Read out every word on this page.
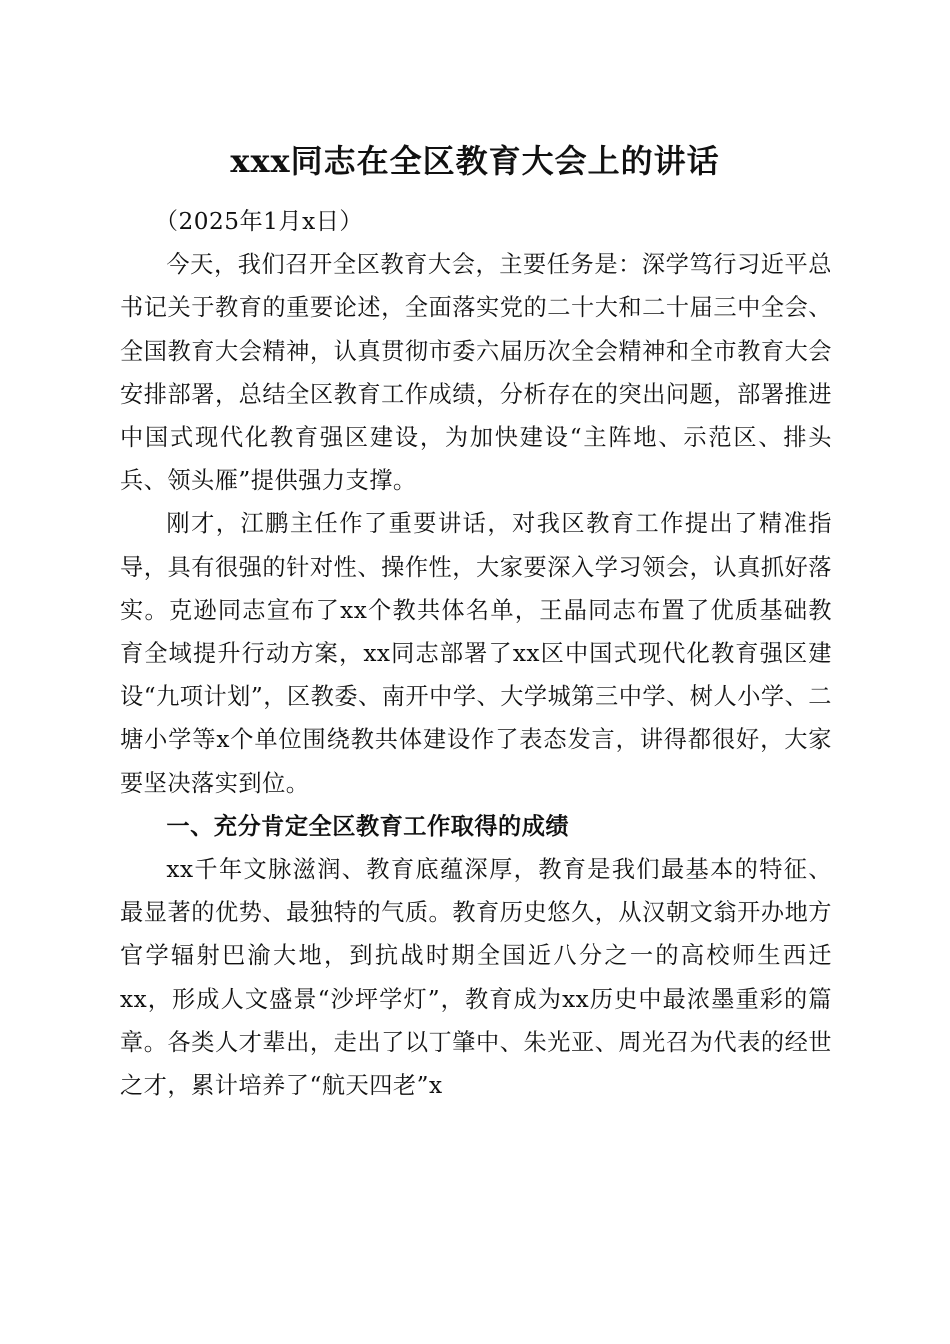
xxx同志在全区教育大会上的讲话

（2025年1月x日）

今天，我们召开全区教育大会，主要任务是：深学笃行习近平总书记关于教育的重要论述，全面落实党的二十大和二十届三中全会、全国教育大会精神，认真贯彻市委六届历次全会精神和全市教育大会安排部署，总结全区教育工作成绩，分析存在的突出问题，部署推进中国式现代化教育强区建设，为加快建设“主阵地、示范区、排头兵、领头雁”提供强力支撑。

刚才，江鹏主任作了重要讲话，对我区教育工作提出了精准指导，具有很强的针对性、操作性，大家要深入学习领会，认真抓好落实。克逊同志宣布了xx个教共体名单，王晶同志布置了优质基础教育全域提升行动方案，xx同志部署了xx区中国式现代化教育强区建设“九项计划”，区教委、南开中学、大学城第三中学、树人小学、二塘小学等x个单位围绕教共体建设作了表态发言，讲得都很好，大家要坚决落实到位。

一、充分肯定全区教育工作取得的成绩

xx千年文脉滋润、教育底蕴深厚，教育是我们最基本的特征、最显著的优势、最独特的气质。教育历史悠久，从汉朝文翁开办地方官学辐射巴渝大地，到抗战时期全国近八分之一的高校师生西迁xx，形成人文盛景“沙坪学灯”，教育成为xx历史中最浓墨重彩的篇章。各类人才辈出，走出了以丁肇中、朱光亚、周光召为代表的经世之才，累计培养了“航天四老”x
